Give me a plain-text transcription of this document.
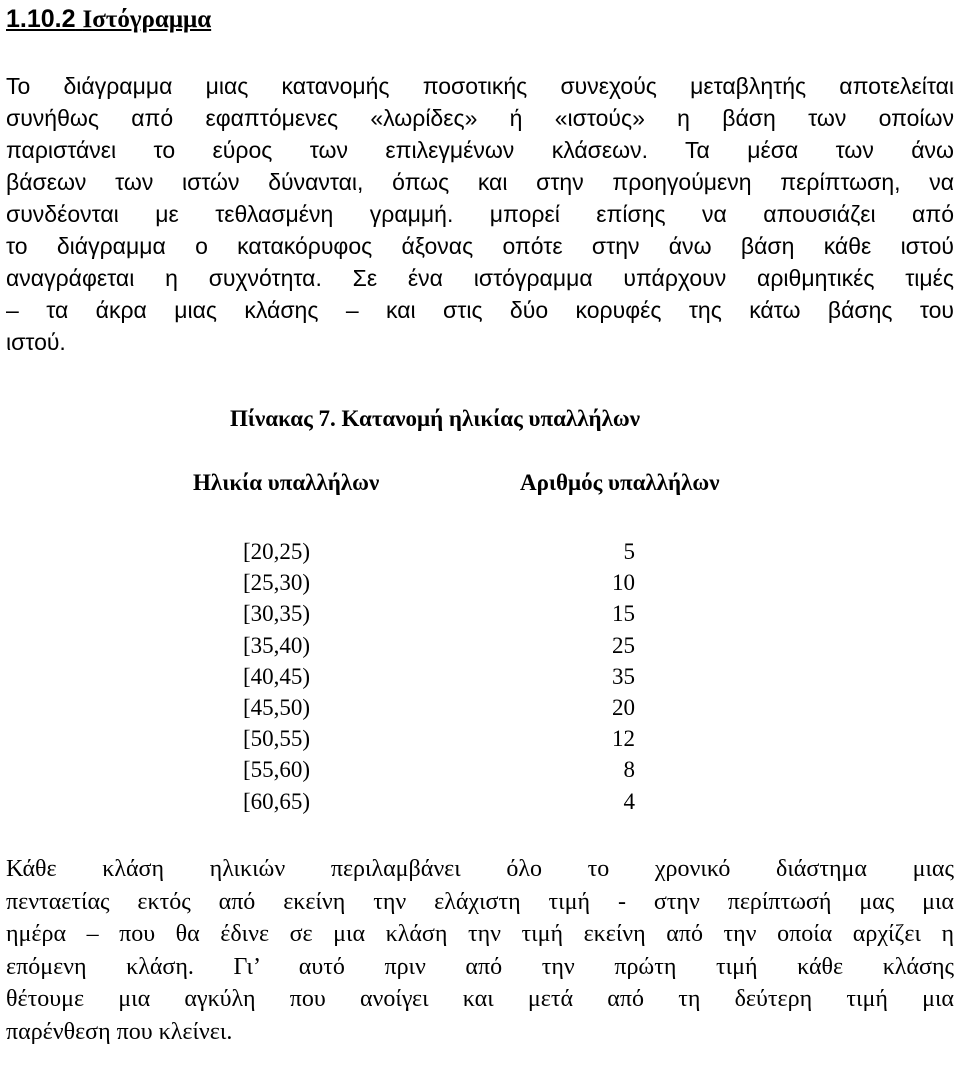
1.10.2 Ιστόγραμμα
Το διάγραμμα μιας κατανομής ποσοτικής συνεχούς μεταβλητής αποτελείται
συνήθως από εφαπτόμενες «λωρίδες» ή «ιστούς» η βάση των οποίων
παριστάνει το εύρος των επιλεγμένων κλάσεων. Τα μέσα των άνω
βάσεων των ιστών δύνανται, όπως και στην προηγούμενη περίπτωση, να
συνδέονται με τεθλασμένη γραμμή. μπορεί επίσης να απουσιάζει από
το διάγραμμα ο κατακόρυφος άξονας οπότε στην άνω βάση κάθε ιστού
αναγράφεται η συχνότητα. Σε ένα ιστόγραμμα υπάρχουν αριθμητικές τιμές
– τα άκρα μιας κλάσης – και στις δύο κορυφές της κάτω βάσης του
ιστού.
Πίνακας 7. Κατανομή ηλικίας υπαλλήλων
Ηλικία υπαλλήλων	Αριθμός υπαλλήλων
[20,25)	5
[25,30)	10
[30,35)	15
[35,40)	25
[40,45)	35
[45,50)	20
[50,55)	12
[55,60)	8
[60,65)	4
Κάθε κλάση ηλικιών περιλαμβάνει όλο το χρονικό διάστημα μιας
πενταετίας εκτός από εκείνη την ελάχιστη τιμή - στην περίπτωσή μας μια
ημέρα – που θα έδινε σε μια κλάση την τιμή εκείνη από την οποία αρχίζει η
επόμενη κλάση. Γι’ αυτό πριν από την πρώτη τιμή κάθε κλάσης
θέτουμε μια αγκύλη που ανοίγει και μετά από τη δεύτερη τιμή μια
παρένθεση που κλείνει.
